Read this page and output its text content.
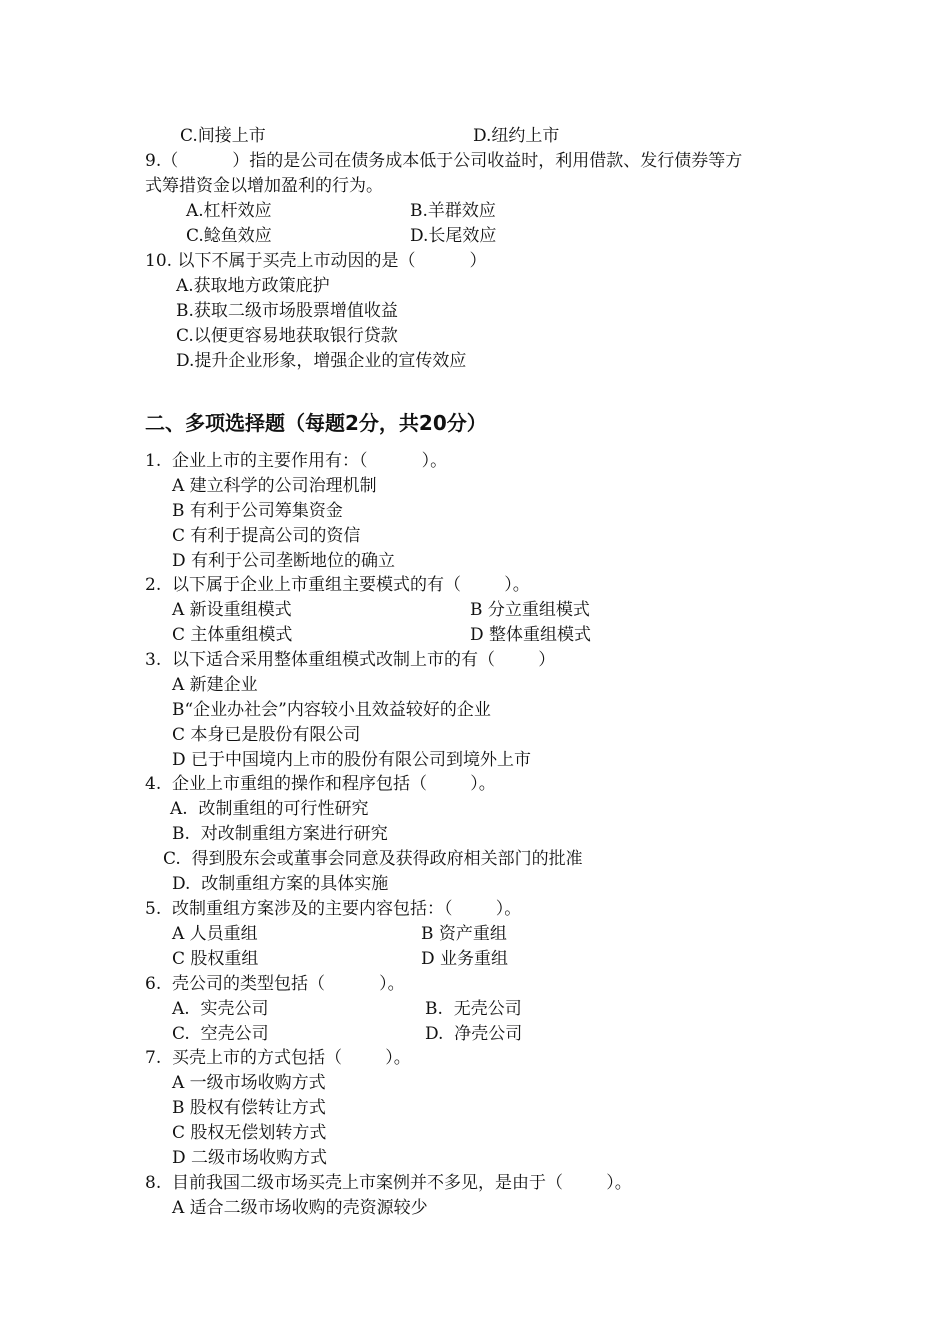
C.间接上市	D.纽约上市
9.（          ）指的是公司在债务成本低于公司收益时，利用借款、发行债券等方
式筹措资金以增加盈利的行为。
A.杠杆效应	B.羊群效应
C.鲶鱼效应	D.长尾效应
10. 以下不属于买壳上市动因的是（          ）
A.获取地方政策庇护
B.获取二级市场股票增值收益
C.以便更容易地获取银行贷款
D.提升企业形象，增强企业的宣传效应
二、多项选择题（每题2分，共20分）
1.  企业上市的主要作用有：（          ）。
A 建立科学的公司治理机制
B 有利于公司筹集资金
C 有利于提高公司的资信
D 有利于公司垄断地位的确立
2.  以下属于企业上市重组主要模式的有（        ）。
A 新设重组模式	B 分立重组模式
C 主体重组模式	D 整体重组模式
3.  以下适合采用整体重组模式改制上市的有（        ）
A 新建企业
B“企业办社会”内容较小且效益较好的企业
C 本身已是股份有限公司
D 已于中国境内上市的股份有限公司到境外上市
4.  企业上市重组的操作和程序包括（        ）。
A.  改制重组的可行性研究
B.  对改制重组方案进行研究
C.  得到股东会或董事会同意及获得政府相关部门的批准
D.  改制重组方案的具体实施
5.  改制重组方案涉及的主要内容包括：（        ）。
A 人员重组	B 资产重组
C 股权重组	D 业务重组
6.  壳公司的类型包括（          ）。
A.  实壳公司	B.  无壳公司
C.  空壳公司	D.  净壳公司
7.  买壳上市的方式包括（        ）。
A 一级市场收购方式
B 股权有偿转让方式
C 股权无偿划转方式
D 二级市场收购方式
8.  目前我国二级市场买壳上市案例并不多见，是由于（        ）。
A 适合二级市场收购的壳资源较少
